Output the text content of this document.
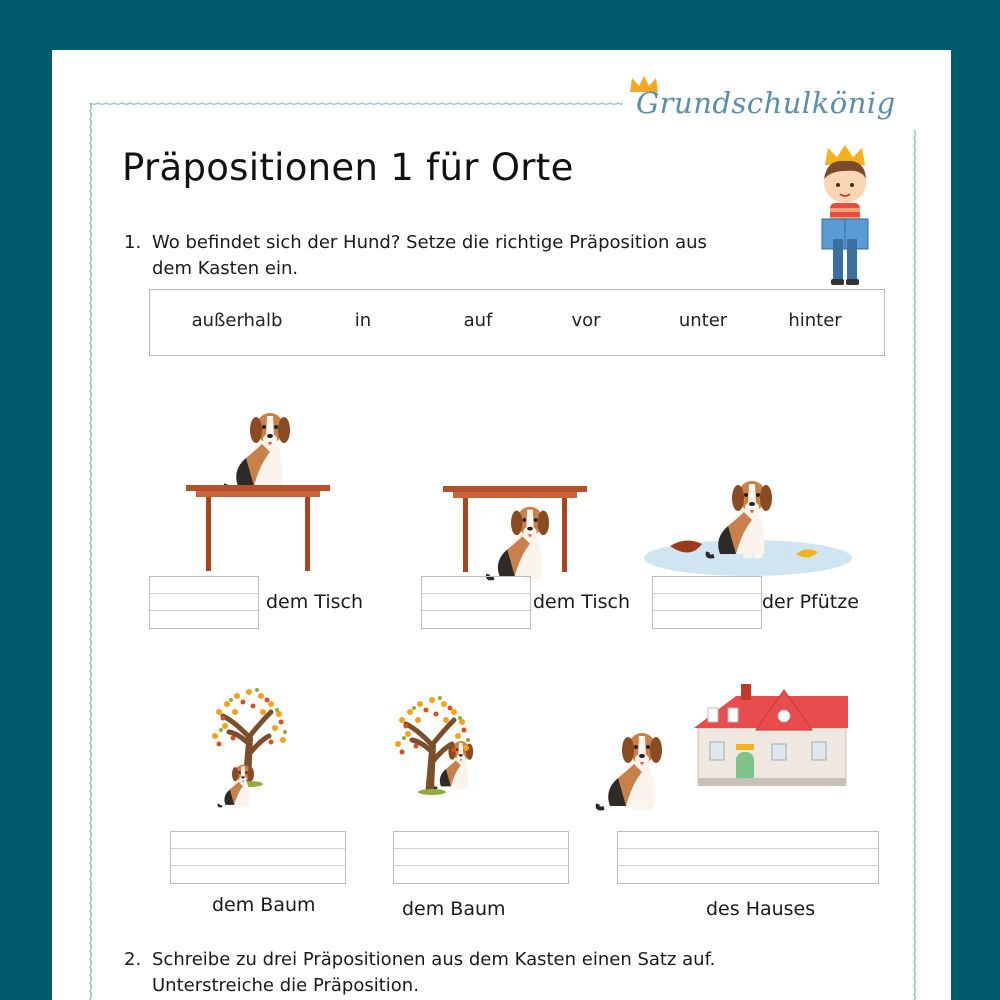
Grundschulkönig
Präpositionen 1 für Orte
1. Wo befindet sich der Hund? Setze die richtige Präposition aus
dem Kasten ein.
außerhalb	in	auf	vor	unter	hinter
dem Tisch	dem Tisch	der Pfütze
dem Baum	dem Baum	des Hauses
2. Schreibe zu drei Präpositionen aus dem Kasten einen Satz auf.
Unterstreiche die Präposition.
